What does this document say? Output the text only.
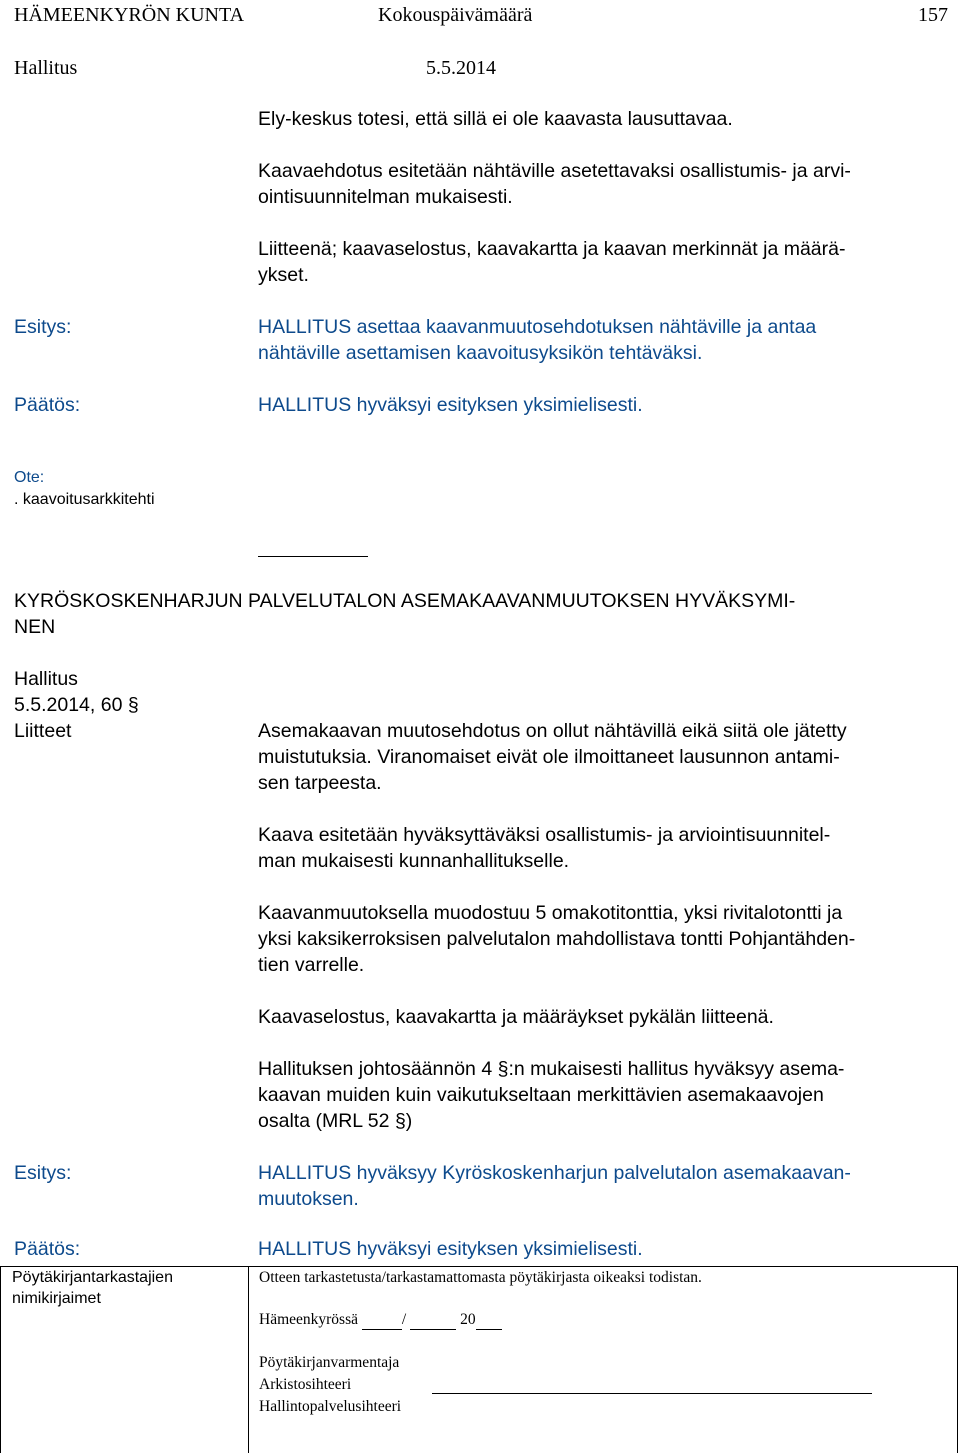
HÄMEENKYRÖN KUNTA	Kokouspäivämäärä	157
Hallitus	5.5.2014
Ely-keskus totesi, että sillä ei ole kaavasta lausuttavaa.
Kaavaehdotus esitetään nähtäville asetettavaksi osallistumis- ja arvi-
ointisuunnitelman mukaisesti.
Liitteenä; kaavaselostus, kaavakartta ja kaavan merkinnät ja määrä-
ykset.
Esitys:	HALLITUS asettaa kaavanmuutosehdotuksen nähtäville ja antaa
nähtäville asettamisen kaavoitusyksikön tehtäväksi.
Päätös:	HALLITUS hyväksyi esityksen yksimielisesti.
Ote:
. kaavoitusarkkitehti
KYRÖSKOSKENHARJUN PALVELUTALON ASEMAKAAVANMUUTOKSEN HYVÄKSYMI-
NEN
Hallitus
5.5.2014, 60 §
Liitteet	Asemakaavan muutosehdotus on ollut nähtävillä eikä siitä ole jätetty
muistutuksia. Viranomaiset eivät ole ilmoittaneet lausunnon antami-
sen tarpeesta.
Kaava esitetään hyväksyttäväksi osallistumis- ja arviointisuunnitel-
man mukaisesti kunnanhallitukselle.
Kaavanmuutoksella muodostuu 5 omakotitonttia, yksi rivitalotontti ja
yksi kaksikerroksisen palvelutalon mahdollistava tontti Pohjantähden-
tien varrelle.
Kaavaselostus, kaavakartta ja määräykset pykälän liitteenä.
Hallituksen johtosäännön 4 §:n mukaisesti hallitus hyväksyy asema-
kaavan muiden kuin vaikutukseltaan merkittävien asemakaavojen
osalta (MRL 52 §)
Esitys:	HALLITUS hyväksyy Kyröskoskenharjun palvelutalon asemakaavan-
muutoksen.
Päätös:	HALLITUS hyväksyi esityksen yksimielisesti.
Pöytäkirjantarkastajien
nimikirjaimet
Otteen tarkastetusta/tarkastamattomasta pöytäkirjasta oikeaksi todistan.
Hämeenkyrössä	/	20
Pöytäkirjanvarmentaja
Arkistosihteeri
Hallintopalvelusihteeri
